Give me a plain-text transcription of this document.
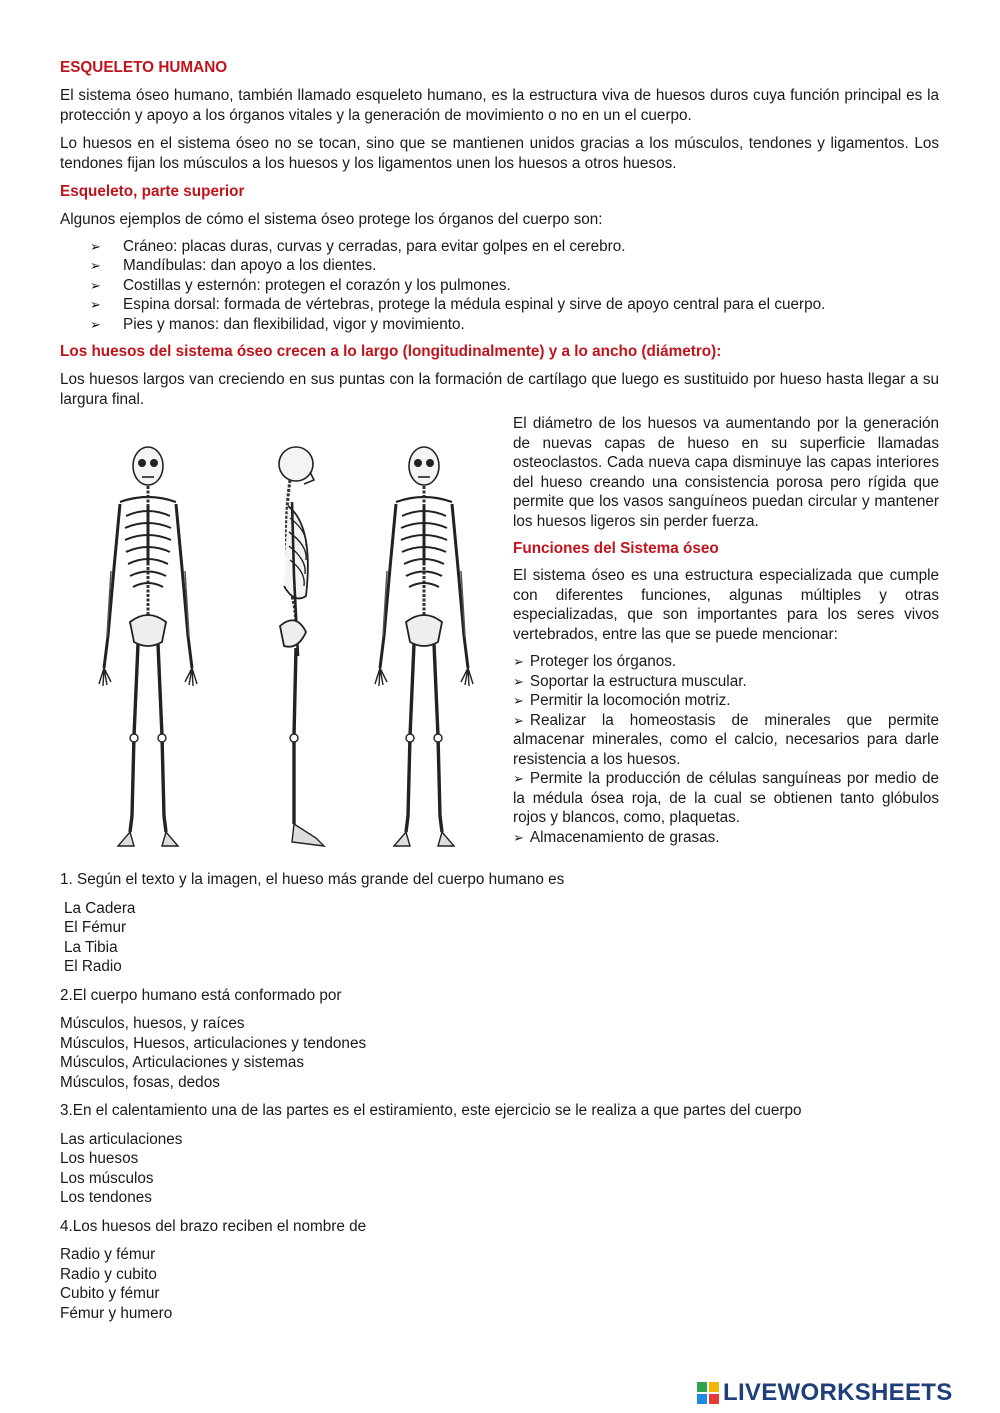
ESQUELETO HUMANO

El sistema óseo humano, también llamado esqueleto humano, es la estructura viva de huesos duros cuya función principal es la protección y apoyo a los órganos vitales y la generación de movimiento o no en un el cuerpo.

Lo huesos en el sistema óseo no se tocan, sino que se mantienen unidos gracias a los músculos, tendones y ligamentos. Los tendones fijan los músculos a los huesos y los ligamentos unen los huesos a otros huesos.

Esqueleto, parte superior

Algunos ejemplos de cómo el sistema óseo protege los órganos del cuerpo son:

➢ Cráneo: placas duras, curvas y cerradas, para evitar golpes en el cerebro.
➢ Mandíbulas: dan apoyo a los dientes.
➢ Costillas y esternón: protegen el corazón y los pulmones.
➢ Espina dorsal: formada de vértebras, protege la médula espinal y sirve de apoyo central para el cuerpo.
➢ Pies y manos: dan flexibilidad, vigor y movimiento.
Los huesos del sistema óseo crecen a lo largo (longitudinalmente) y a lo ancho (diámetro):

Los huesos largos van creciendo en sus puntas con la formación de cartílago que luego es sustituido por hueso hasta llegar a su largura final.

El diámetro de los huesos va aumentando por la generación de nuevas capas de hueso en su superficie llamadas osteoclastos. Cada nueva capa disminuye las capas interiores del hueso creando una consistencia porosa pero rígida que permite que los vasos sanguíneos puedan circular y mantener los huesos ligeros sin perder fuerza.

Funciones del Sistema óseo

El sistema óseo es una estructura especializada que cumple con diferentes funciones, algunas múltiples y otras especializadas, que son importantes para los seres vivos vertebrados, entre las que se puede mencionar:

➢ Proteger los órganos.
➢ Soportar la estructura muscular.
➢ Permitir la locomoción motriz.
➢ Realizar la homeostasis de minerales que permite almacenar minerales, como el calcio, necesarios para darle resistencia a los huesos.
➢ Permite la producción de células sanguíneas por medio de la médula ósea roja, de la cual se obtienen tanto glóbulos rojos y blancos, como, plaquetas.
➢ Almacenamiento de grasas.

1. Según el texto y la imagen, el hueso más grande del cuerpo humano es

La Cadera
El Fémur
La Tibia
El Radio

2.El cuerpo humano está conformado por

Músculos, huesos, y raíces
Músculos, Huesos, articulaciones y tendones
Músculos, Articulaciones y sistemas
Músculos, fosas, dedos

3.En el calentamiento una de las partes es el estiramiento, este ejercicio se le realiza a que partes del cuerpo

Las articulaciones
Los huesos
Los músculos
Los tendones

4.Los huesos del brazo reciben el nombre de

Radio y fémur
Radio y cubito
Cubito y fémur
Fémur y humero
LIVEWORKSHEETS
